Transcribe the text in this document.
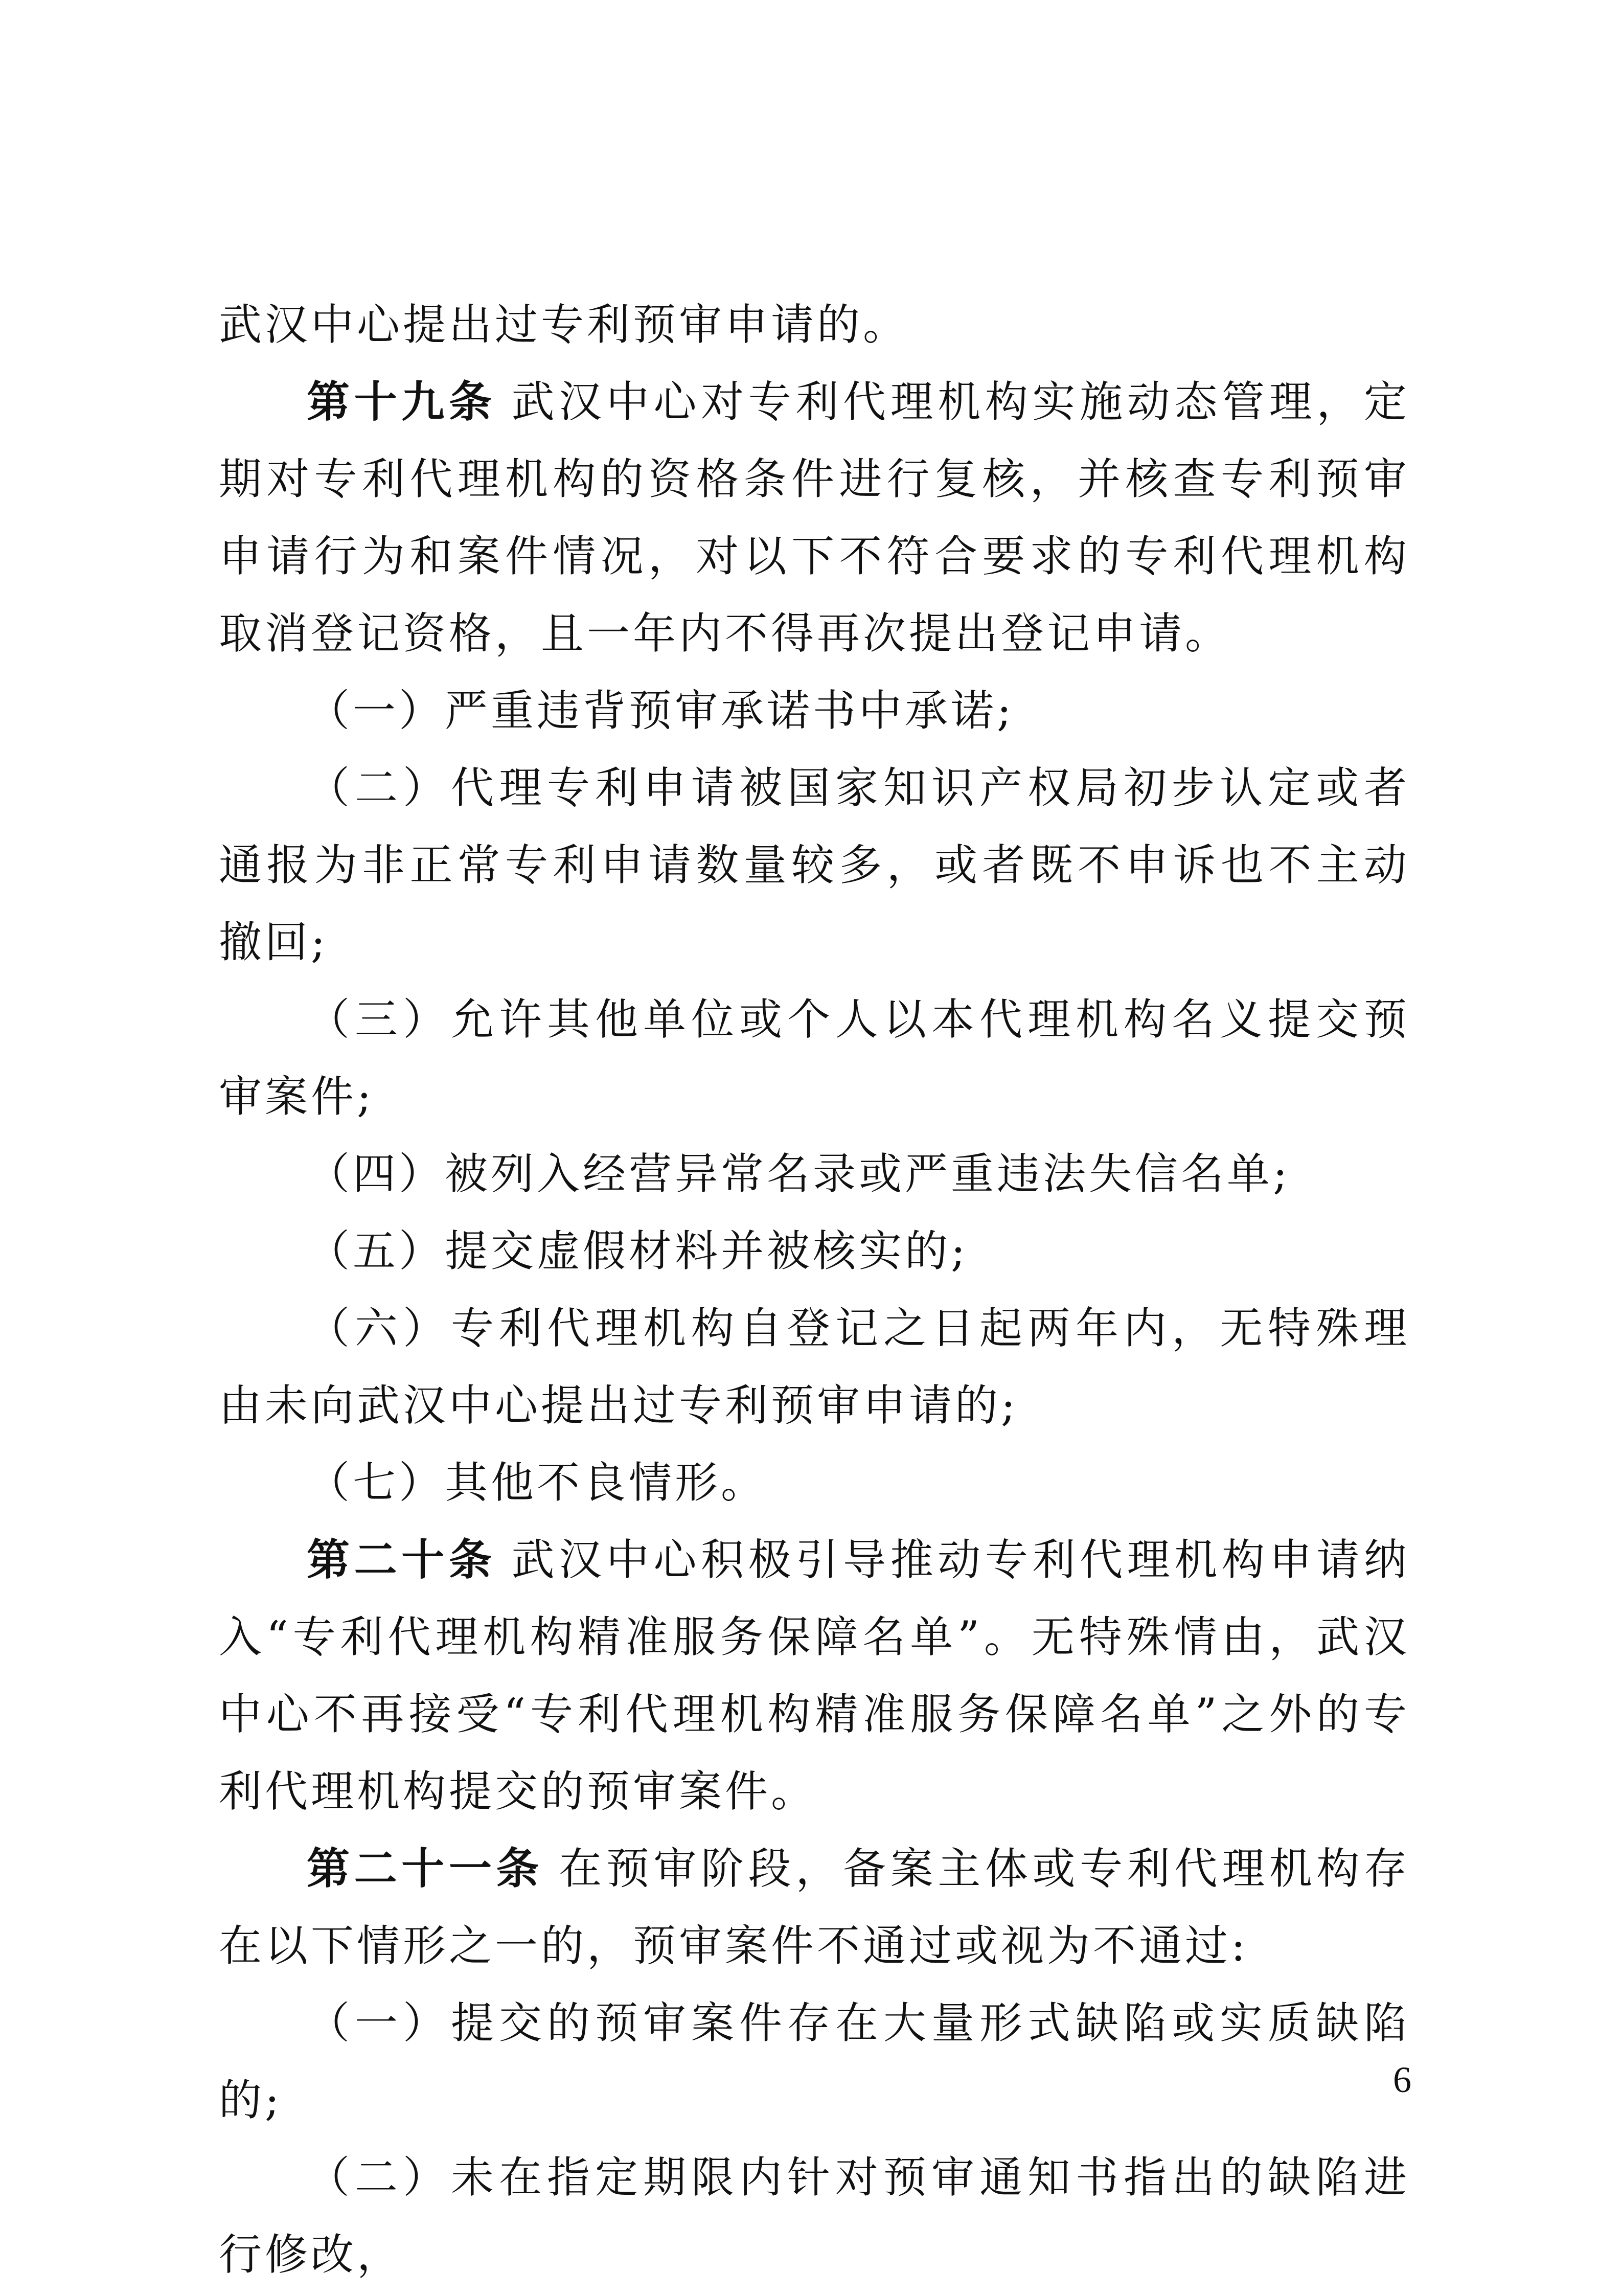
武汉中心提出过专利预审申请的。

第十九条 武汉中心对专利代理机构实施动态管理，定期对专利代理机构的资格条件进行复核，并核查专利预审申请行为和案件情况，对以下不符合要求的专利代理机构取消登记资格，且一年内不得再次提出登记申请。

（一）严重违背预审承诺书中承诺;

（二）代理专利申请被国家知识产权局初步认定或者通报为非正常专利申请数量较多，或者既不申诉也不主动撤回;

（三）允许其他单位或个人以本代理机构名义提交预审案件;

（四）被列入经营异常名录或严重违法失信名单;

（五）提交虚假材料并被核实的;

（六）专利代理机构自登记之日起两年内，无特殊理由未向武汉中心提出过专利预审申请的;

（七）其他不良情形。

第二十条 武汉中心积极引导推动专利代理机构申请纳入“专利代理机构精准服务保障名单”。无特殊情由，武汉中心不再接受“专利代理机构精准服务保障名单”之外的专利代理机构提交的预审案件。

第二十一条 在预审阶段，备案主体或专利代理机构存在以下情形之一的，预审案件不通过或视为不通过:

（一）提交的预审案件存在大量形式缺陷或实质缺陷的;

（二）未在指定期限内针对预审通知书指出的缺陷进行修改，

6
